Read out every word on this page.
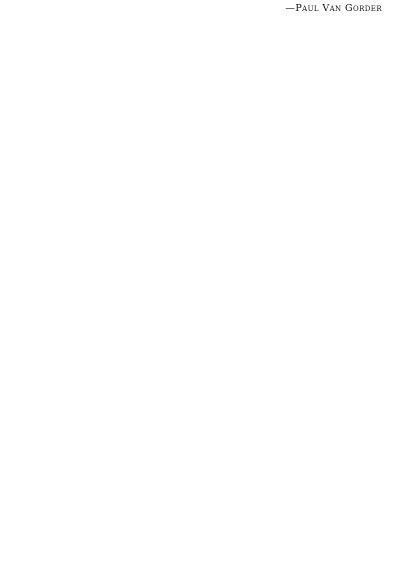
—Paul Van Gorder
